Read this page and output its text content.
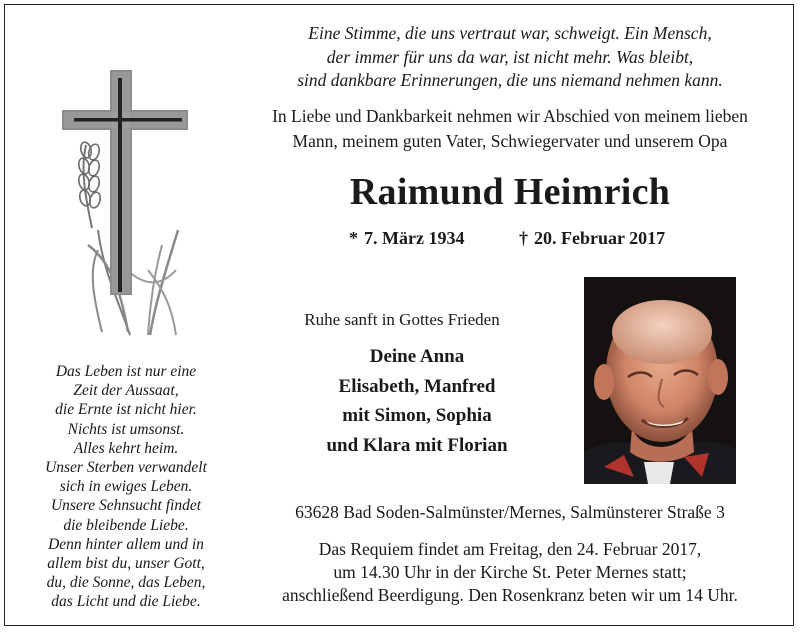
Das Leben ist nur eine
Zeit der Aussaat,
die Ernte ist nicht hier.
Nichts ist umsonst.
Alles kehrt heim.
Unser Sterben verwandelt
sich in ewiges Leben.
Unsere Sehnsucht findet
die bleibende Liebe.
Denn hinter allem und in
allem bist du, unser Gott,
du, die Sonne, das Leben,
das Licht und die Liebe.
Eine Stimme, die uns vertraut war, schweigt. Ein Mensch,
der immer für uns da war, ist nicht mehr. Was bleibt,
sind dankbare Erinnerungen, die uns niemand nehmen kann.
In Liebe und Dankbarkeit nehmen wir Abschied von meinem lieben
Mann, meinem guten Vater, Schwiegervater und unserem Opa
Raimund Heimrich
* 7. März 1934	† 20. Februar 2017
Ruhe sanft in Gottes Frieden
Deine Anna
Elisabeth, Manfred
mit Simon, Sophia
und Klara mit Florian
63628 Bad Soden-Salmünster/Mernes, Salmünsterer Straße 3
Das Requiem findet am Freitag, den 24. Februar 2017,
um 14.30 Uhr in der Kirche St. Peter Mernes statt;
anschließend Beerdigung. Den Rosenkranz beten wir um 14 Uhr.
